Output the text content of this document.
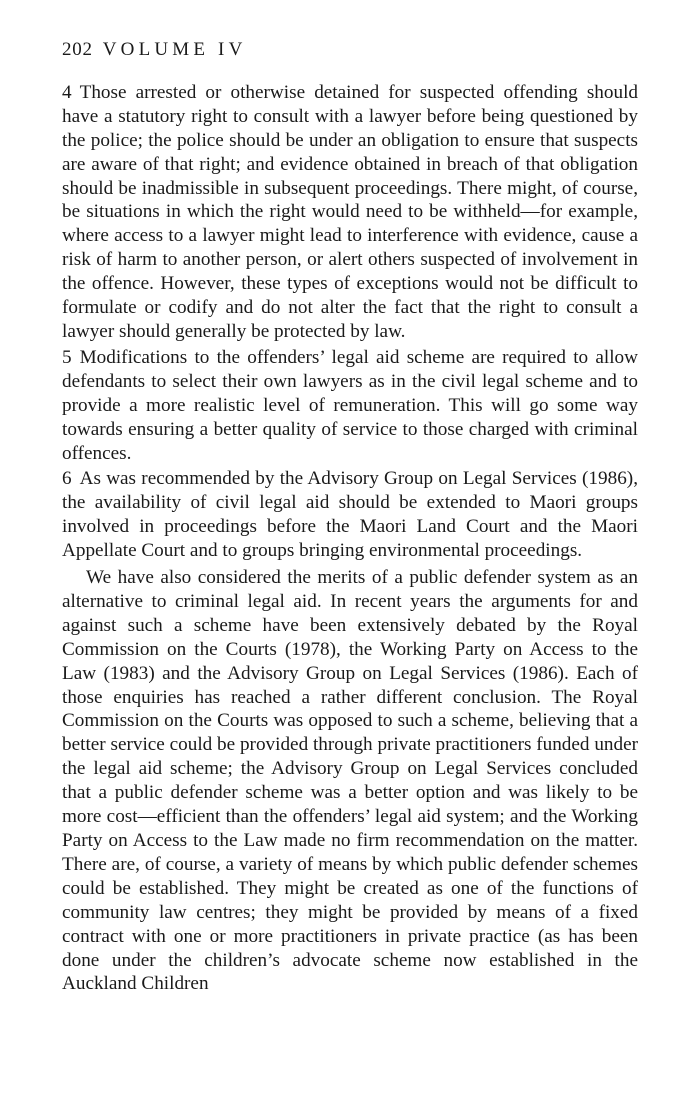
202 VOLUME IV

4 Those arrested or otherwise detained for suspected offending should have a statutory right to consult with a lawyer before being questioned by the police; the police should be under an obligation to ensure that suspects are aware of that right; and evidence obtained in breach of that obligation should be inadmissible in subsequent proceedings. There might, of course, be situations in which the right would need to be withheld—for example, where access to a lawyer might lead to interference with evidence, cause a risk of harm to another person, or alert others suspected of involvement in the offence. However, these types of exceptions would not be difficult to formulate or codify and do not alter the fact that the right to consult a lawyer should generally be protected by law.

5 Modifications to the offenders’ legal aid scheme are required to allow defendants to select their own lawyers as in the civil legal scheme and to provide a more realistic level of remuneration. This will go some way towards ensuring a better quality of service to those charged with criminal offences.

6 As was recommended by the Advisory Group on Legal Services (1986), the availability of civil legal aid should be extended to Maori groups involved in proceedings before the Maori Land Court and the Maori Appellate Court and to groups bringing environmental proceedings.

We have also considered the merits of a public defender system as an alternative to criminal legal aid. In recent years the arguments for and against such a scheme have been extensively debated by the Royal Commission on the Courts (1978), the Working Party on Access to the Law (1983) and the Advisory Group on Legal Services (1986). Each of those enquiries has reached a rather different conclusion. The Royal Commission on the Courts was opposed to such a scheme, believing that a better service could be provided through private practitioners funded under the legal aid scheme; the Advisory Group on Legal Services concluded that a public defender scheme was a better option and was likely to be more cost—efficient than the offenders’ legal aid system; and the Working Party on Access to the Law made no firm recommendation on the matter. There are, of course, a variety of means by which public defender schemes could be established. They might be created as one of the functions of community law centres; they might be provided by means of a fixed contract with one or more practitioners in private practice (as has been done under the children’s advocate scheme now established in the Auckland Children
